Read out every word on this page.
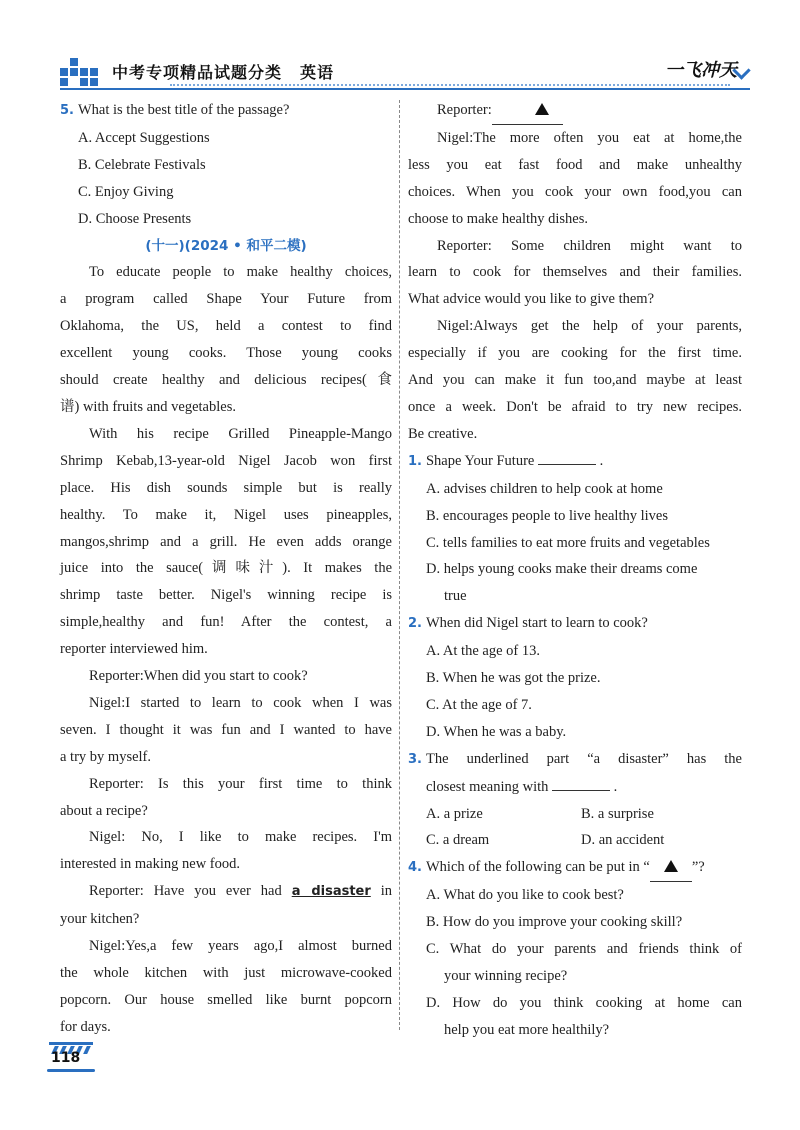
中考专项精品试题分类 英语	一飞冲天

5. What is the best title of the passage?

A. Accept Suggestions

B. Celebrate Festivals

C. Enjoy Giving

D. Choose Presents

(十一)(2024 • 和平二模)

To educate people to make healthy choices,

a program called Shape Your Future from

Oklahoma, the US, held a contest to find

excellent young cooks. Those young cooks

should create healthy and delicious recipes(食

谱) with fruits and vegetables.

With his recipe Grilled Pineapple-Mango

Shrimp Kebab,13-year-old Nigel Jacob won first

place. His dish sounds simple but is really

healthy. To make it, Nigel uses pineapples,

mangos,shrimp and a grill. He even adds orange

juice into the sauce(调味汁). It makes the

shrimp taste better. Nigel's winning recipe is

simple,healthy and fun! After the contest, a

reporter interviewed him.

Reporter:When did you start to cook?

Nigel:I started to learn to cook when I was

seven. I thought it was fun and I wanted to have

a try by myself.

Reporter: Is this your first time to think

about a recipe?

Nigel: No, I like to make recipes. I'm

interested in making new food.

Reporter: Have you ever had a disaster in

your kitchen?

Nigel:Yes,a few years ago,I almost burned

the whole kitchen with just microwave-cooked

popcorn. Our house smelled like burnt popcorn

for days.

Reporter:

Nigel:The more often you eat at home,the

less you eat fast food and make unhealthy

choices. When you cook your own food,you can

choose to make healthy dishes.

Reporter: Some children might want to

learn to cook for themselves and their families.

What advice would you like to give them?

Nigel:Always get the help of your parents,

especially if you are cooking for the first time.

And you can make it fun too,and maybe at least

once a week. Don't be afraid to try new recipes.

Be creative.

1. Shape Your Future	.

A. advises children to help cook at home

B. encourages people to live healthy lives

C. tells families to eat more fruits and vegetables

D. helps young cooks make their dreams come

true

2. When did Nigel start to learn to cook?

A. At the age of 13.

B. When he was got the prize.

C. At the age of 7.

D. When he was a baby.

3. The underlined part “a disaster” has the

closest meaning with	.

A. a prize	B. a surprise
C. a dream	D. an accident

4. Which of the following can be put in “	”?

A. What do you like to cook best?

B. How do you improve your cooking skill?

C. What do your parents and friends think of

your winning recipe?

D. How do you think cooking at home can

help you eat more healthily?

118
